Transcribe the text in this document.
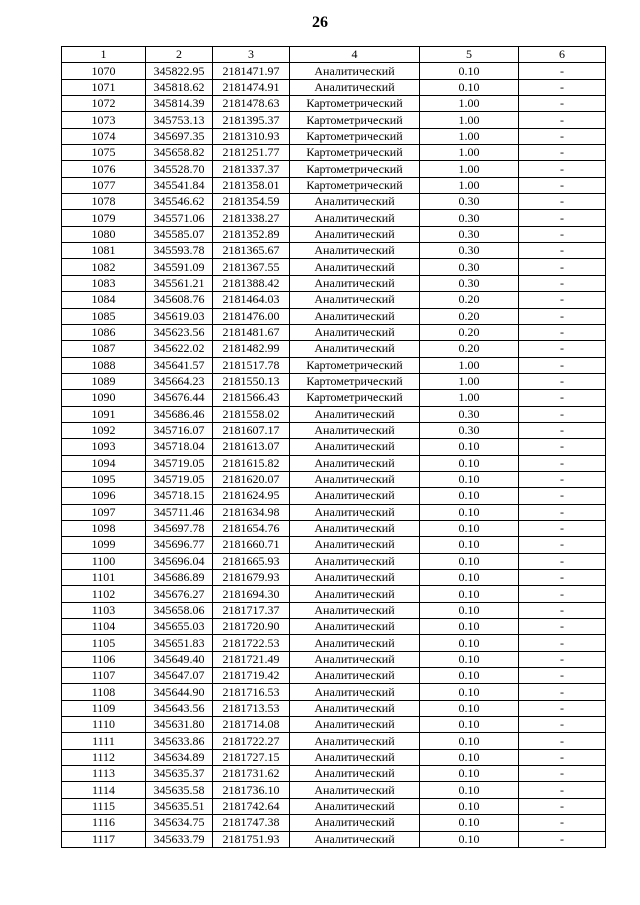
26
1	2	3	4	5	6
1070	345822.95	2181471.97	Аналитический	0.10	-
1071	345818.62	2181474.91	Аналитический	0.10	-
1072	345814.39	2181478.63	Картометрический	1.00	-
1073	345753.13	2181395.37	Картометрический	1.00	-
1074	345697.35	2181310.93	Картометрический	1.00	-
1075	345658.82	2181251.77	Картометрический	1.00	-
1076	345528.70	2181337.37	Картометрический	1.00	-
1077	345541.84	2181358.01	Картометрический	1.00	-
1078	345546.62	2181354.59	Аналитический	0.30	-
1079	345571.06	2181338.27	Аналитический	0.30	-
1080	345585.07	2181352.89	Аналитический	0.30	-
1081	345593.78	2181365.67	Аналитический	0.30	-
1082	345591.09	2181367.55	Аналитический	0.30	-
1083	345561.21	2181388.42	Аналитический	0.30	-
1084	345608.76	2181464.03	Аналитический	0.20	-
1085	345619.03	2181476.00	Аналитический	0.20	-
1086	345623.56	2181481.67	Аналитический	0.20	-
1087	345622.02	2181482.99	Аналитический	0.20	-
1088	345641.57	2181517.78	Картометрический	1.00	-
1089	345664.23	2181550.13	Картометрический	1.00	-
1090	345676.44	2181566.43	Картометрический	1.00	-
1091	345686.46	2181558.02	Аналитический	0.30	-
1092	345716.07	2181607.17	Аналитический	0.30	-
1093	345718.04	2181613.07	Аналитический	0.10	-
1094	345719.05	2181615.82	Аналитический	0.10	-
1095	345719.05	2181620.07	Аналитический	0.10	-
1096	345718.15	2181624.95	Аналитический	0.10	-
1097	345711.46	2181634.98	Аналитический	0.10	-
1098	345697.78	2181654.76	Аналитический	0.10	-
1099	345696.77	2181660.71	Аналитический	0.10	-
1100	345696.04	2181665.93	Аналитический	0.10	-
1101	345686.89	2181679.93	Аналитический	0.10	-
1102	345676.27	2181694.30	Аналитический	0.10	-
1103	345658.06	2181717.37	Аналитический	0.10	-
1104	345655.03	2181720.90	Аналитический	0.10	-
1105	345651.83	2181722.53	Аналитический	0.10	-
1106	345649.40	2181721.49	Аналитический	0.10	-
1107	345647.07	2181719.42	Аналитический	0.10	-
1108	345644.90	2181716.53	Аналитический	0.10	-
1109	345643.56	2181713.53	Аналитический	0.10	-
1110	345631.80	2181714.08	Аналитический	0.10	-
1111	345633.86	2181722.27	Аналитический	0.10	-
1112	345634.89	2181727.15	Аналитический	0.10	-
1113	345635.37	2181731.62	Аналитический	0.10	-
1114	345635.58	2181736.10	Аналитический	0.10	-
1115	345635.51	2181742.64	Аналитический	0.10	-
1116	345634.75	2181747.38	Аналитический	0.10	-
1117	345633.79	2181751.93	Аналитический	0.10	-
